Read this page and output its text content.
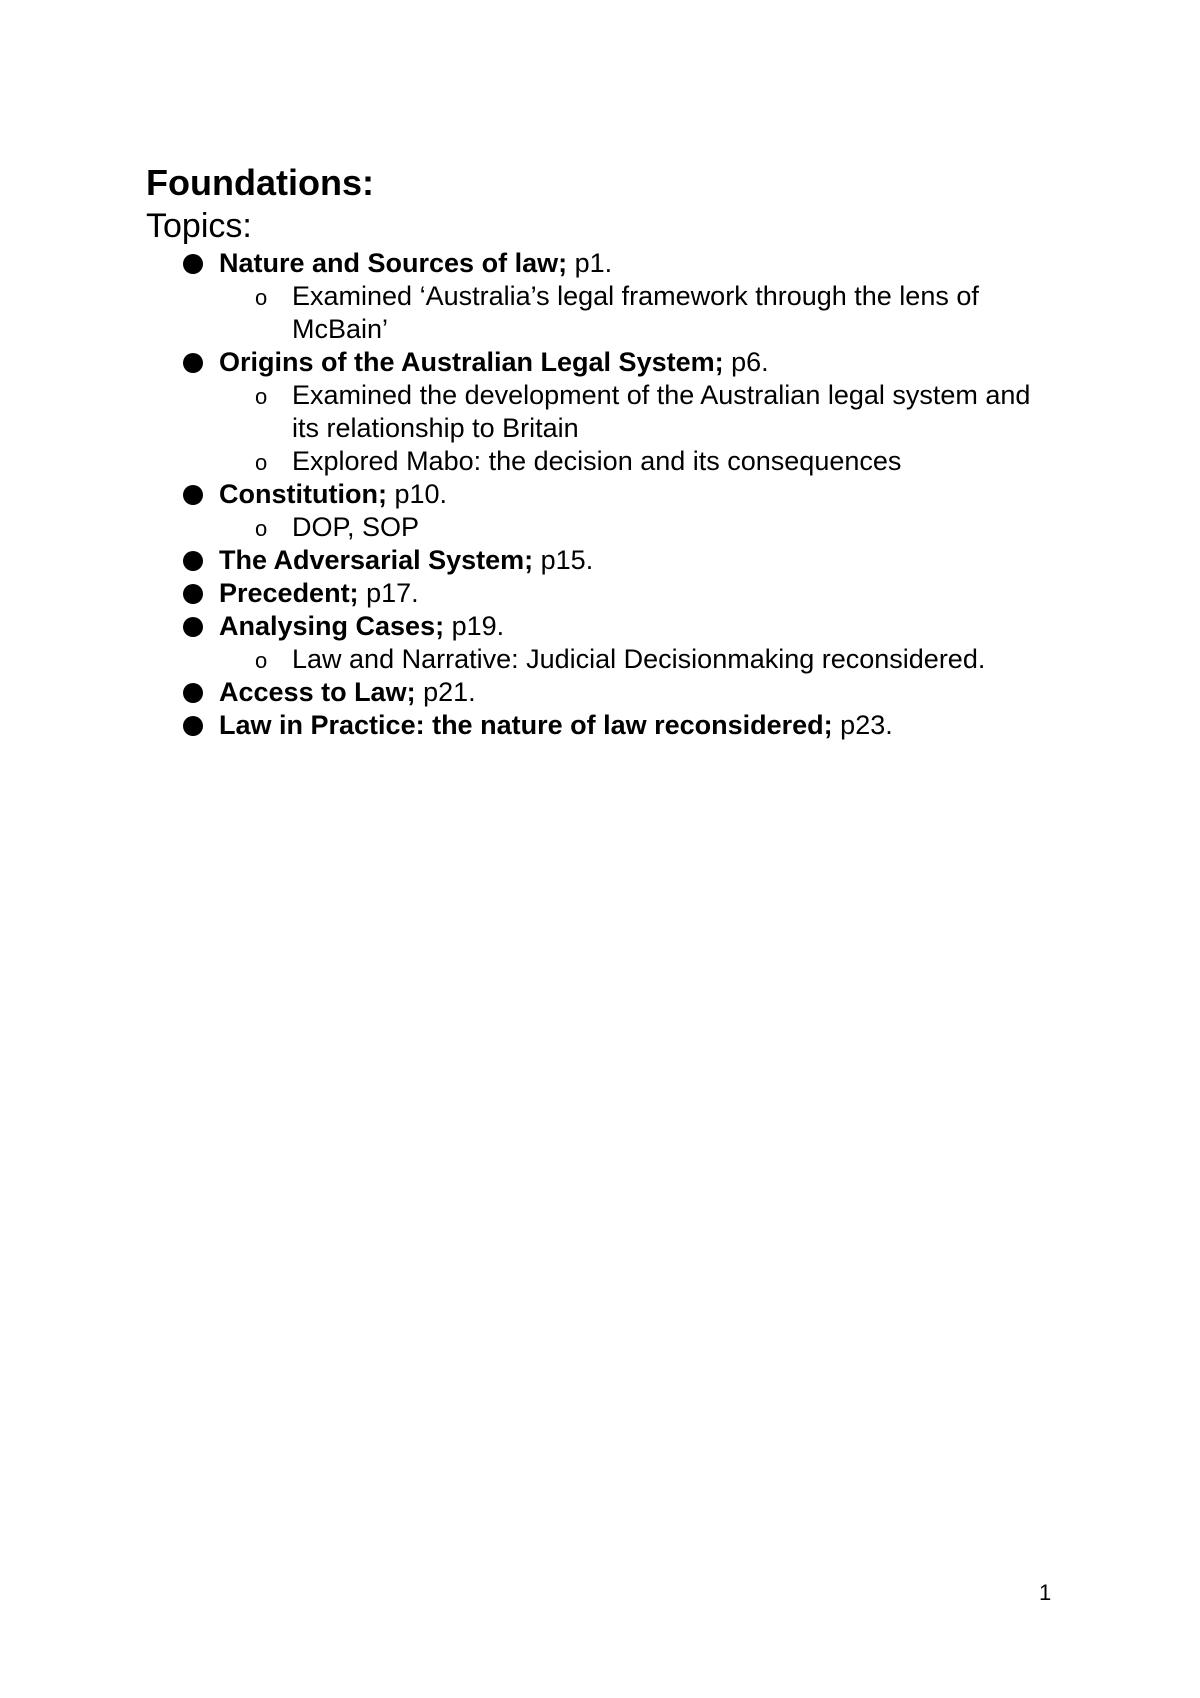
Foundations:
Topics:
Nature and Sources of law; p1.
o Examined ‘Australia’s legal framework through the lens of McBain’
Origins of the Australian Legal System; p6.
o Examined the development of the Australian legal system and its relationship to Britain
o Explored Mabo: the decision and its consequences
Constitution; p10.
o DOP, SOP
The Adversarial System; p15.
Precedent; p17.
Analysing Cases; p19.
o Law and Narrative: Judicial Decisionmaking reconsidered.
Access to Law; p21.
Law in Practice: the nature of law reconsidered; p23.
1
